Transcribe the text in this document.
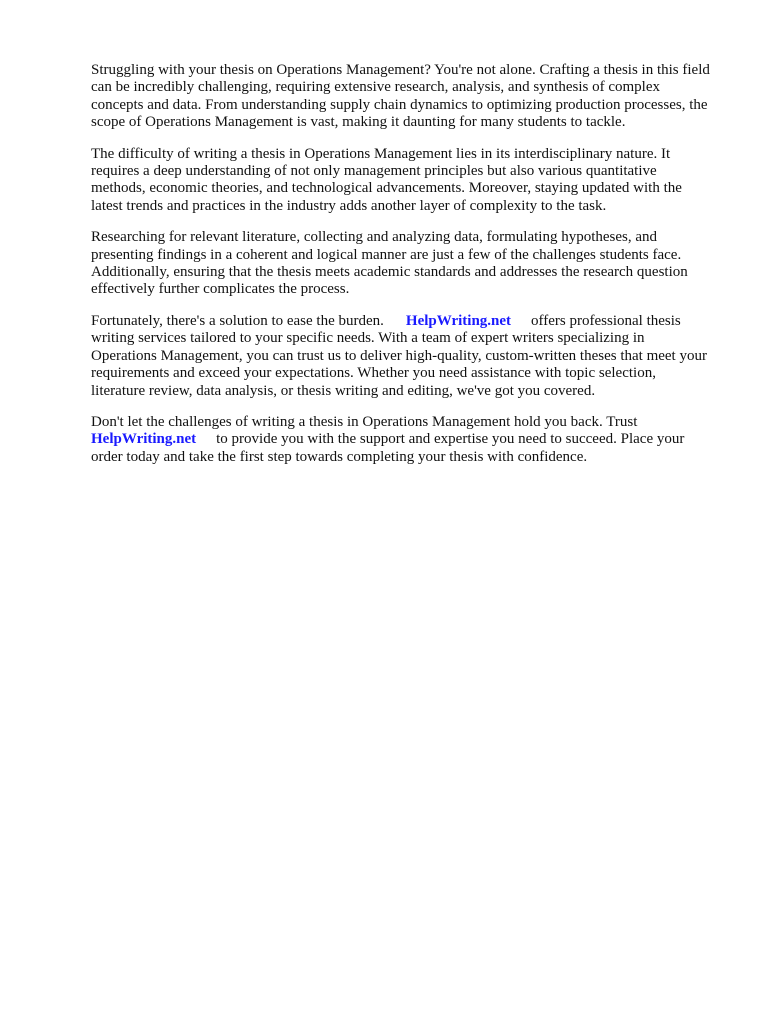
Struggling with your thesis on Operations Management? You're not alone. Crafting a thesis in this field can be incredibly challenging, requiring extensive research, analysis, and synthesis of complex concepts and data. From understanding supply chain dynamics to optimizing production processes, the scope of Operations Management is vast, making it daunting for many students to tackle.

The difficulty of writing a thesis in Operations Management lies in its interdisciplinary nature. It requires a deep understanding of not only management principles but also various quantitative methods, economic theories, and technological advancements. Moreover, staying updated with the latest trends and practices in the industry adds another layer of complexity to the task.

Researching for relevant literature, collecting and analyzing data, formulating hypotheses, and presenting findings in a coherent and logical manner are just a few of the challenges students face. Additionally, ensuring that the thesis meets academic standards and addresses the research question effectively further complicates the process.

Fortunately, there's a solution to ease the burden. HelpWriting.net offers professional thesis writing services tailored to your specific needs. With a team of expert writers specializing in Operations Management, you can trust us to deliver high-quality, custom-written theses that meet your requirements and exceed your expectations. Whether you need assistance with topic selection, literature review, data analysis, or thesis writing and editing, we've got you covered.

Don't let the challenges of writing a thesis in Operations Management hold you back. Trust
HelpWriting.net to provide you with the support and expertise you need to succeed. Place your order today and take the first step towards completing your thesis with confidence.
